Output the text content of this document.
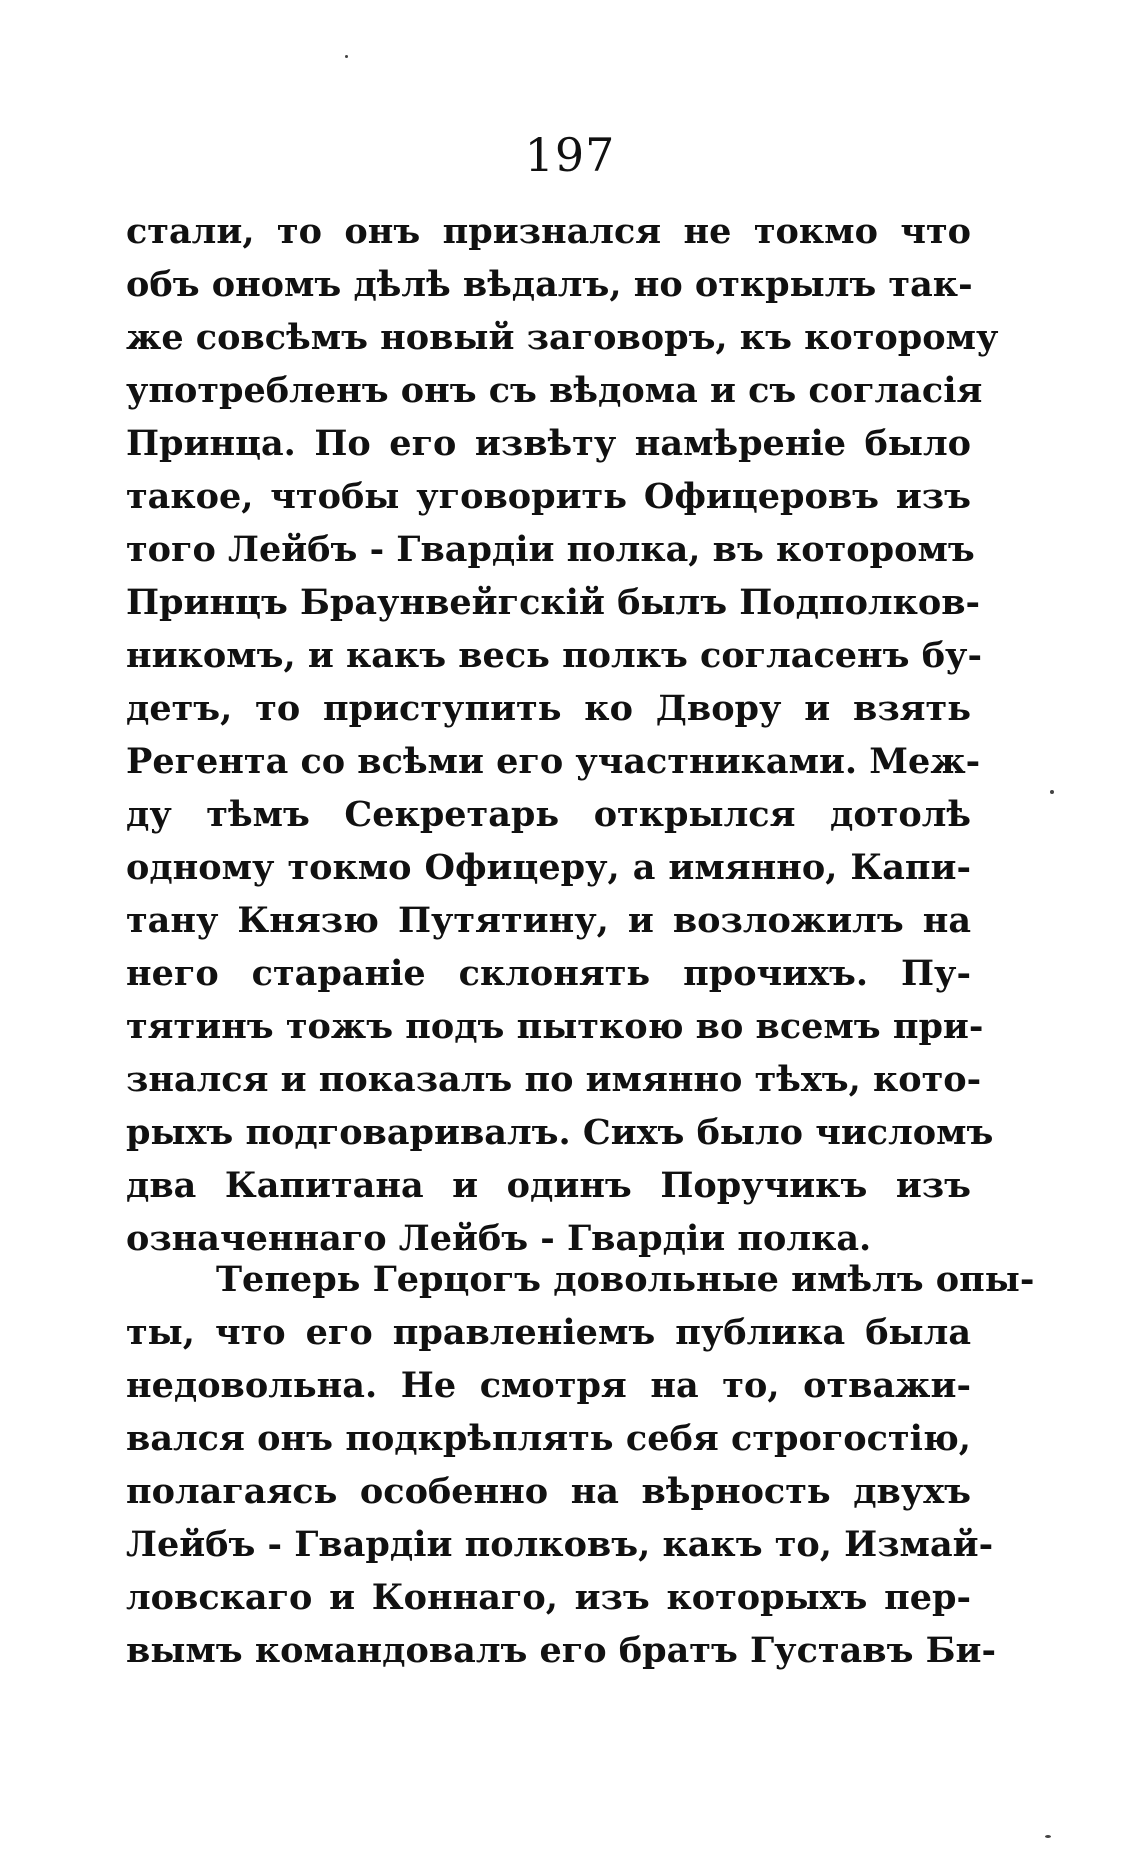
197
стали, то онъ признался не токмо что
объ ономъ дѣлѣ вѣдалъ, но открылъ так-
же совсѣмъ новый заговоръ, къ которому
употребленъ онъ съ вѣдома и съ согласія
Принца. По его извѣту намѣреніе было
такое, чтобы уговорить Офицеровъ изъ
того Лейбъ - Гвардіи полка, въ которомъ
Принцъ Браунвейгскій былъ Подполков-
никомъ, и какъ весь полкъ согласенъ бу-
детъ, то приступить ко Двору и взять
Регента со всѣми его участниками. Меж-
ду тѣмъ Секретарь открылся дотолѣ
одному токмо Офицеру, а имянно, Капи-
тану Князю Путятину, и возложилъ на
него стараніе склонять прочихъ. Пу-
тятинъ тожъ подъ пыткою во всемъ при-
знался и показалъ по имянно тѣхъ, кото-
рыхъ подговаривалъ. Сихъ было числомъ
два Капитана и одинъ Поручикъ изъ
означеннаго Лейбъ - Гвардіи полка.
Теперь Герцогъ довольные имѣлъ опы-
ты, что его правленіемъ публика была
недовольна. Не смотря на то, отважи-
вался онъ подкрѣплять себя строгостію,
полагаясь особенно на вѣрность двухъ
Лейбъ - Гвардіи полковъ, какъ то, Измай-
ловскаго и Коннаго, изъ которыхъ пер-
вымъ командовалъ его братъ Густавъ Би-
